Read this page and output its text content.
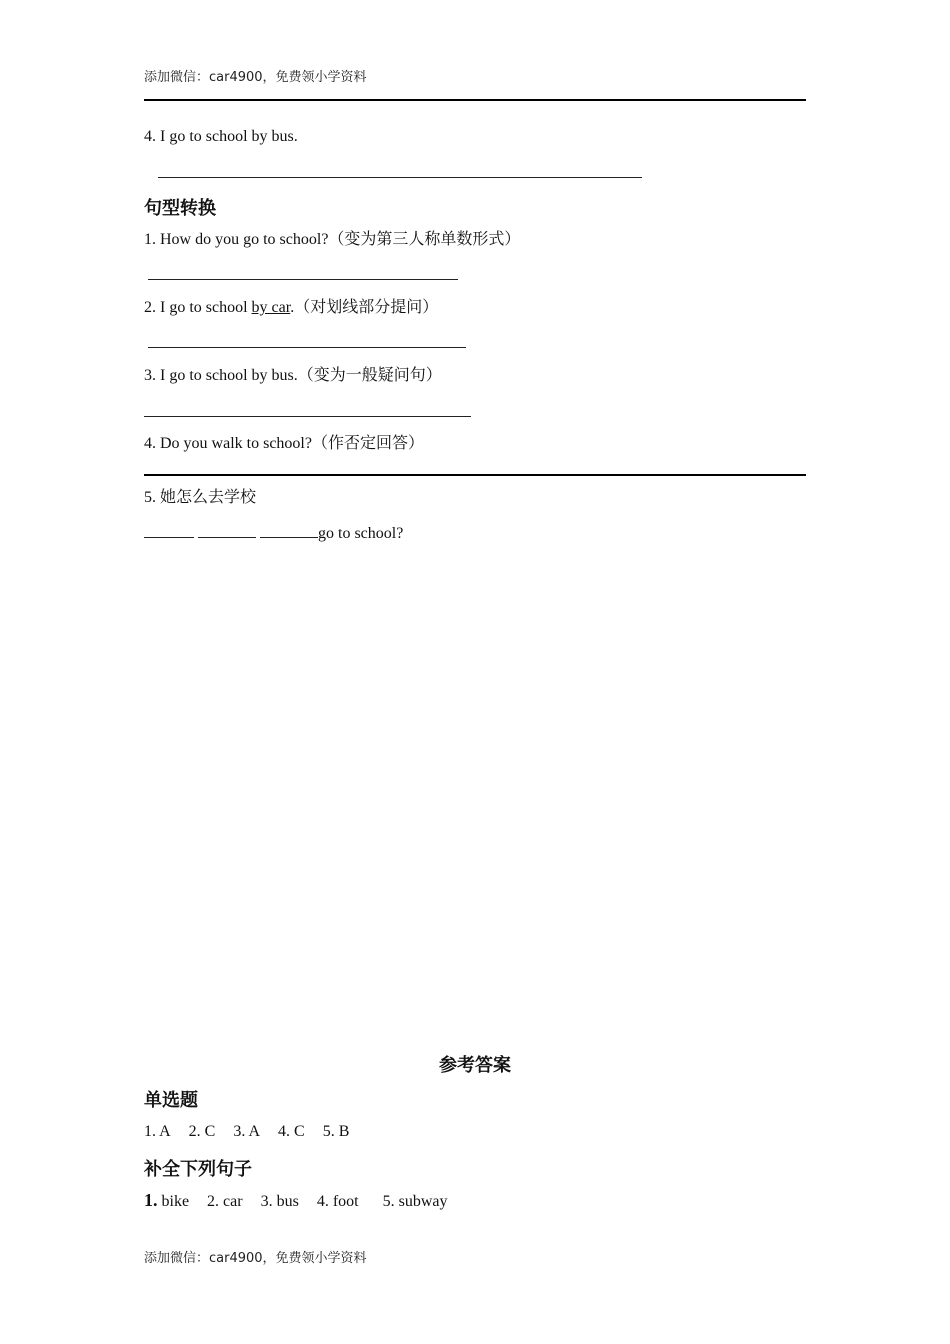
添加微信：car4900，免费领小学资料
4. I go to school by bus.
句型转换
1. How do you go to school?（变为第三人称单数形式）
2. I go to school by car.（对划线部分提问）
3. I go to school by bus.（变为一般疑问句）
4. Do you walk to school?（作否定回答）
5. 她怎么去学校
go to school?
参考答案
单选题
1. A 2. C 3. A 4. C 5. B
补全下列句子
1. bike 2. car 3. bus 4. foot 5. subway
添加微信：car4900，免费领小学资料
